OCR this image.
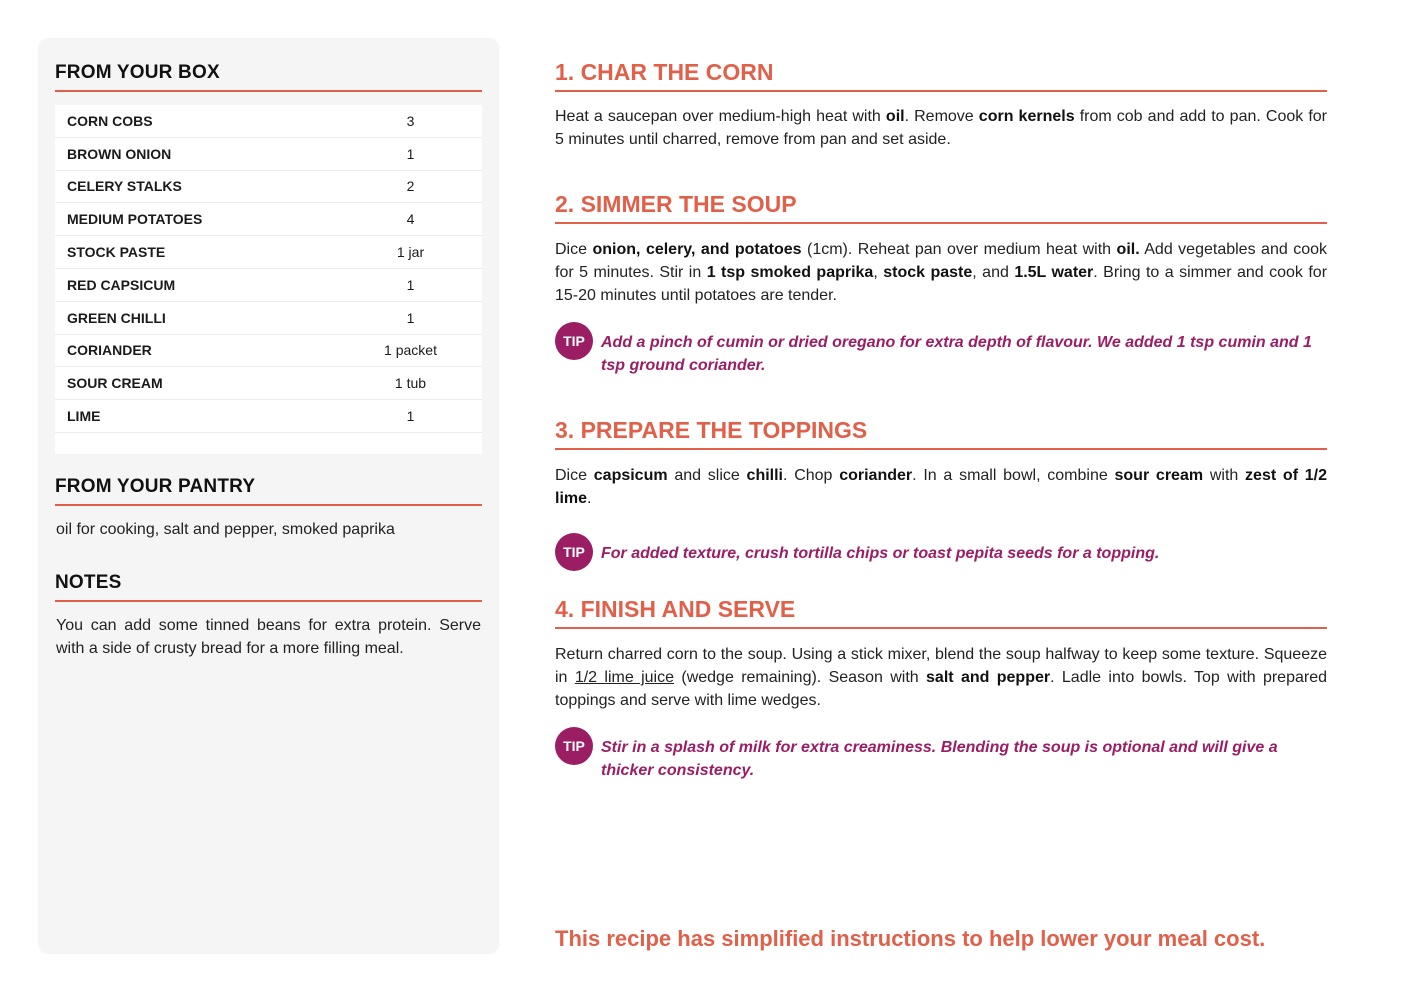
FROM YOUR BOX
CORN COBS	3
BROWN ONION	1
CELERY STALKS	2
MEDIUM POTATOES	4
STOCK PASTE	1 jar
RED CAPSICUM	1
GREEN CHILLI	1
CORIANDER	1 packet
SOUR CREAM	1 tub
LIME	1
FROM YOUR PANTRY
oil for cooking, salt and pepper, smoked paprika
NOTES
You can add some tinned beans for extra protein. Serve with a side of crusty bread for a more filling meal.
1. CHAR THE CORN
Heat a saucepan over medium-high heat with oil. Remove corn kernels from cob and add to pan. Cook for 5 minutes until charred, remove from pan and set aside.
2. SIMMER THE SOUP
Dice onion, celery, and potatoes (1cm). Reheat pan over medium heat with oil. Add vegetables and cook for 5 minutes. Stir in 1 tsp smoked paprika, stock paste, and 1.5L water. Bring to a simmer and cook for 15-20 minutes until potatoes are tender.
TIP	Add a pinch of cumin or dried oregano for extra depth of flavour. We added 1 tsp cumin and 1 tsp ground coriander.
3. PREPARE THE TOPPINGS
Dice capsicum and slice chilli. Chop coriander. In a small bowl, combine sour cream with zest of 1/2 lime.
TIP	For added texture, crush tortilla chips or toast pepita seeds for a topping.
4. FINISH AND SERVE
Return charred corn to the soup. Using a stick mixer, blend the soup halfway to keep some texture. Squeeze in 1/2 lime juice (wedge remaining). Season with salt and pepper. Ladle into bowls. Top with prepared toppings and serve with lime wedges.
TIP	Stir in a splash of milk for extra creaminess. Blending the soup is optional and will give a thicker consistency.
This recipe has simplified instructions to help lower your meal cost.
